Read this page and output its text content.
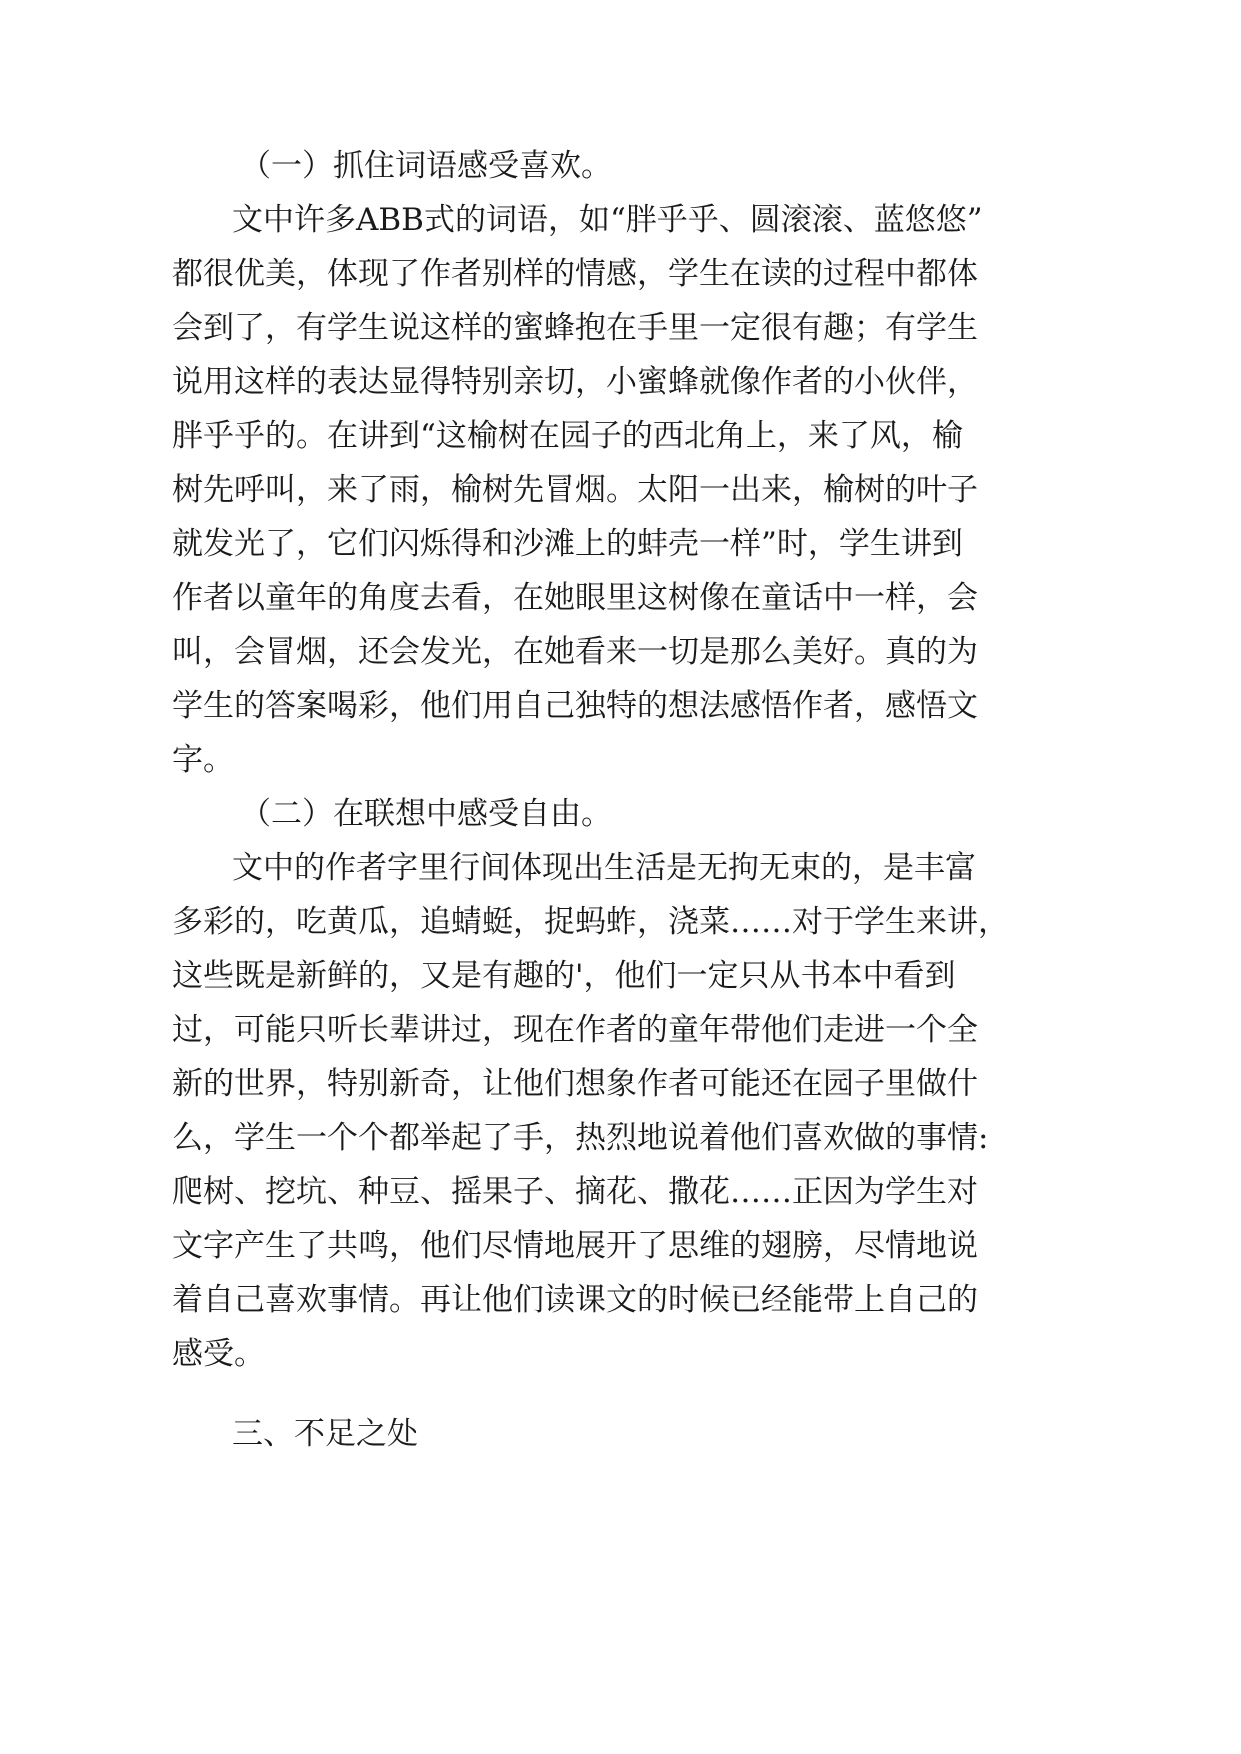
（一）抓住词语感受喜欢。
文中许多ABB式的词语，如“胖乎乎、圆滚滚、蓝悠悠”
都很优美，体现了作者别样的情感，学生在读的过程中都体
会到了，有学生说这样的蜜蜂抱在手里一定很有趣；有学生
说用这样的表达显得特别亲切，小蜜蜂就像作者的小伙伴，
胖乎乎的。在讲到“这榆树在园子的西北角上，来了风，榆
树先呼叫，来了雨，榆树先冒烟。太阳一出来，榆树的叶子
就发光了，它们闪烁得和沙滩上的蚌壳一样”时，学生讲到
作者以童年的角度去看，在她眼里这树像在童话中一样，会
叫，会冒烟，还会发光，在她看来一切是那么美好。真的为
学生的答案喝彩，他们用自己独特的想法感悟作者，感悟文
字。
（二）在联想中感受自由。
文中的作者字里行间体现出生活是无拘无束的，是丰富
多彩的，吃黄瓜，追蜻蜓，捉蚂蚱，浇菜……对于学生来讲，
这些既是新鲜的，又是有趣的'，他们一定只从书本中看到
过，可能只听长辈讲过，现在作者的童年带他们走进一个全
新的世界，特别新奇，让他们想象作者可能还在园子里做什
么，学生一个个都举起了手，热烈地说着他们喜欢做的事情:
爬树、挖坑、种豆、摇果子、摘花、撒花……正因为学生对
文字产生了共鸣，他们尽情地展开了思维的翅膀，尽情地说
着自己喜欢事情。再让他们读课文的时候已经能带上自己的
感受。
三、不足之处
